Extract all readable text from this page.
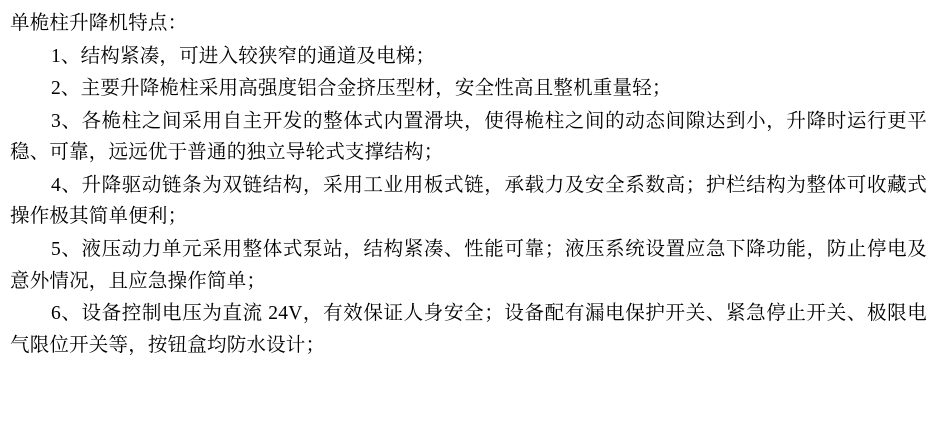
单桅柱升降机特点：

1、结构紧凑，可进入较狭窄的通道及电梯；

2、主要升降桅柱采用高强度铝合金挤压型材，安全性高且整机重量轻；

3、各桅柱之间采用自主开发的整体式内置滑块，使得桅柱之间的动态间隙达到小，升降时运行更平稳、可靠，远远优于普通的独立导轮式支撑结构；

4、升降驱动链条为双链结构，采用工业用板式链，承载力及安全系数高；护栏结构为整体可收藏式操作极其简单便利；

5、液压动力单元采用整体式泵站，结构紧凑、性能可靠；液压系统设置应急下降功能，防止停电及意外情况，且应急操作简单；

6、设备控制电压为直流 24V，有效保证人身安全；设备配有漏电保护开关、紧急停止开关、极限电气限位开关等，按钮盒均防水设计；
